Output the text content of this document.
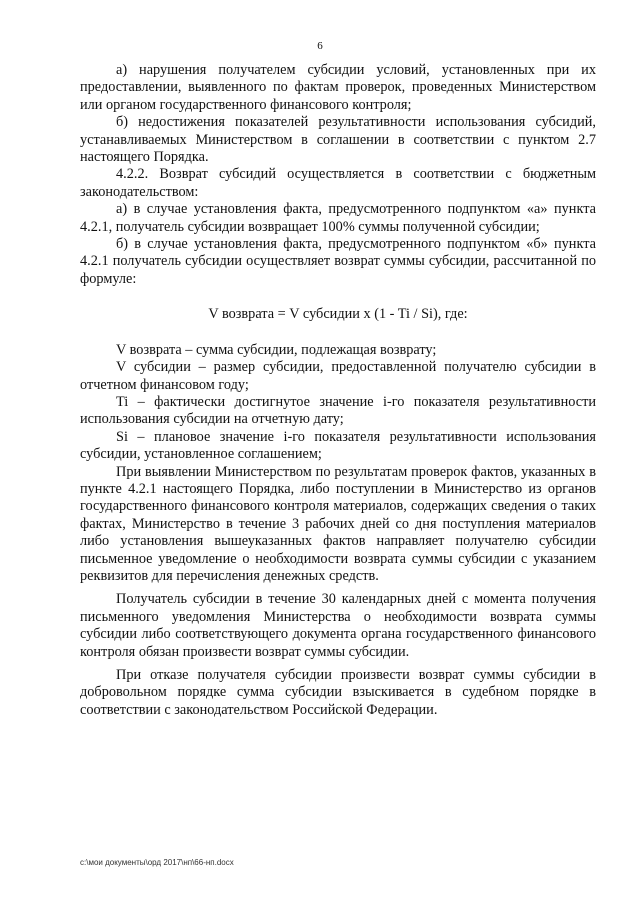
6

а) нарушения получателем субсидии условий, установленных при их предоставлении, выявленного по фактам проверок, проведенных Министерством или органом государственного финансового контроля;

б) недостижения показателей результативности использования субсидий, устанавливаемых Министерством в соглашении в соответствии с пунктом 2.7 настоящего Порядка.

4.2.2. Возврат субсидий осуществляется в соответствии с бюджетным законодательством:

а) в случае установления факта, предусмотренного подпунктом «а» пункта 4.2.1, получатель субсидии возвращает 100% суммы полученной субсидии;

б) в случае установления факта, предусмотренного подпунктом «б» пункта 4.2.1 получатель субсидии осуществляет возврат суммы субсидии, рассчитанной по формуле:

V возврата = V субсидии x (1 - Ti / Si), где:

V возврата – сумма субсидии, подлежащая возврату;

V субсидии – размер субсидии, предоставленной получателю субсидии в отчетном финансовом году;

Ti – фактически достигнутое значение i-го показателя результативности использования субсидии на отчетную дату;

Si – плановое значение i-го показателя результативности использования субсидии, установленное соглашением;

При выявлении Министерством по результатам проверок фактов, указанных в пункте 4.2.1 настоящего Порядка, либо поступлении в Министерство из органов государственного финансового контроля материалов, содержащих сведения о таких фактах, Министерство в течение 3 рабочих дней со дня поступления материалов либо установления вышеуказанных фактов направляет получателю субсидии письменное уведомление о необходимости возврата суммы субсидии с указанием реквизитов для перечисления денежных средств.

Получатель субсидии в течение 30 календарных дней с момента получения письменного уведомления Министерства о необходимости возврата суммы субсидии либо соответствующего документа органа государственного финансового контроля обязан произвести возврат суммы субсидии.

При отказе получателя субсидии произвести возврат суммы субсидии в добровольном порядке сумма субсидии взыскивается в судебном порядке в соответствии с законодательством Российской Федерации.

c:\мои документы\орд 2017\нп\66-нп.docx
